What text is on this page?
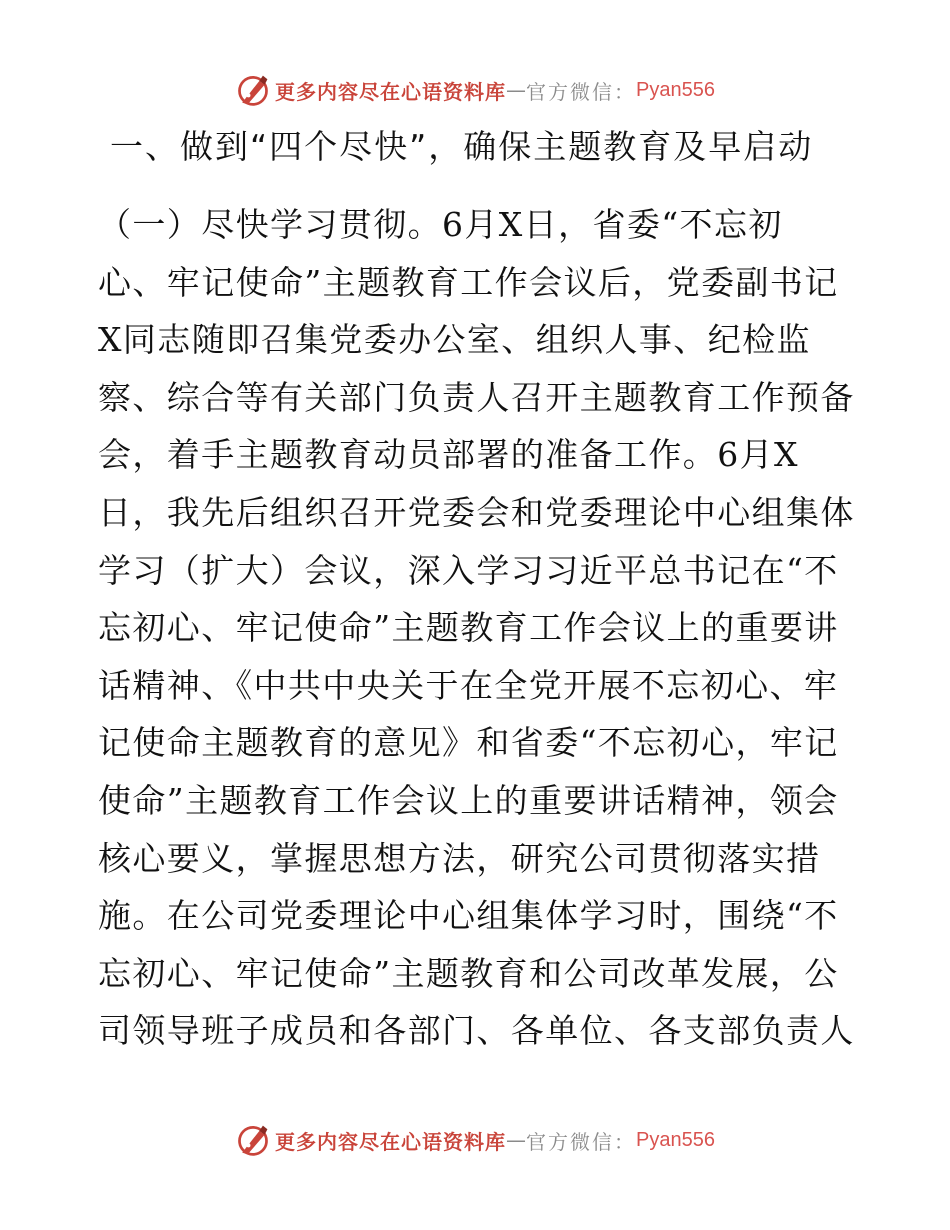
更多内容尽在心语资料库 — 官方微信： Pyan556
一、做到“四个尽快”，确保主题教育及早启动
（一）尽快学习贯彻。6月X日，省委“不忘初
心、牢记使命”主题教育工作会议后，党委副书记
X同志随即召集党委办公室、组织人事、纪检监
察、综合等有关部门负责人召开主题教育工作预备
会，着手主题教育动员部署的准备工作。6月X
日，我先后组织召开党委会和党委理论中心组集体
学习（扩大）会议，深入学习习近平总书记在“不
忘初心、牢记使命”主题教育工作会议上的重要讲
话精神、《中共中央关于在全党开展不忘初心、牢
记使命主题教育的意见》和省委“不忘初心，牢记
使命”主题教育工作会议上的重要讲话精神，领会
核心要义，掌握思想方法，研究公司贯彻落实措
施。在公司党委理论中心组集体学习时，围绕“不
忘初心、牢记使命”主题教育和公司改革发展，公
司领导班子成员和各部门、各单位、各支部负责人
更多内容尽在心语资料库 — 官方微信： Pyan556
